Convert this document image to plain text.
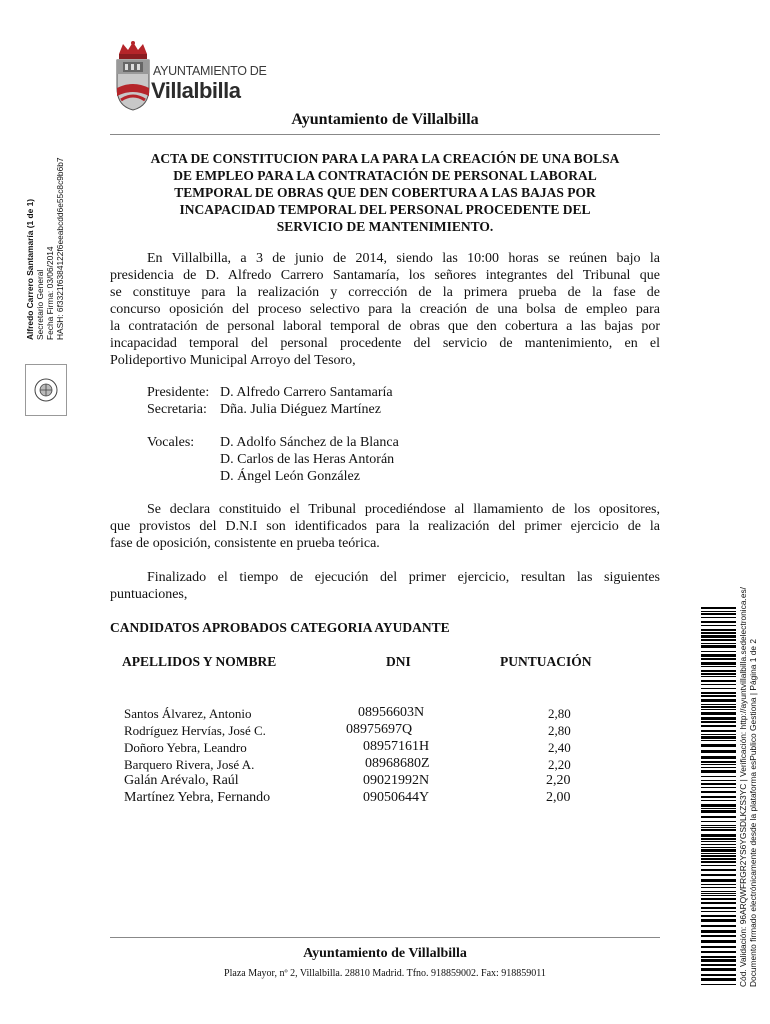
AYUNTAMIENTO DE
Villalbilla
Ayuntamiento de Villalbilla
ACTA DE CONSTITUCION PARA LA PARA LA CREACIÓN DE UNA BOLSA
DE EMPLEO PARA LA CONTRATACIÓN DE PERSONAL LABORAL
TEMPORAL DE OBRAS QUE DEN COBERTURA A LAS BAJAS POR
INCAPACIDAD TEMPORAL DEL PERSONAL PROCEDENTE DEL
SERVICIO DE MANTENIMIENTO.
En Villalbilla, a 3 de junio de 2014, siendo las 10:00 horas se reúnen bajo la
presidencia de D. Alfredo Carrero Santamaría, los señores integrantes del Tribunal que
se constituye para la realización y corrección de la primera prueba de la fase de
concurso oposición del proceso selectivo para la creación de una bolsa de empleo para
la contratación de personal laboral temporal de obras que den cobertura a las bajas por
incapacidad temporal del personal procedente del servicio de mantenimiento, en el
Polideportivo Municipal Arroyo del Tesoro,
Presidente: D. Alfredo Carrero Santamaría
Secretaria: Dña. Julia Diéguez Martínez
Vocales: D. Adolfo Sánchez de la Blanca
D. Carlos de las Heras Antorán
D. Ángel León González
Se declara constituido el Tribunal procediéndose al llamamiento de los opositores,
que provistos del D.N.I son identificados para la realización del primer ejercicio de la
fase de oposición, consistente en prueba teórica.
Finalizado el tiempo de ejecución del primer ejercicio, resultan las siguientes
puntuaciones,
CANDIDATOS APROBADOS CATEGORIA AYUDANTE
APELLIDOS Y NOMBRE	DNI	PUNTUACIÓN
Santos Álvarez, Antonio	08956603N	2,80
Rodríguez Hervías, José C.	08975697Q	2,80
Doñoro Yebra, Leandro	08957161H	2,40
Barquero Rivera, José A.	08968680Z	2,20
Galán Arévalo, Raúl	09021992N	2,20
Martínez Yebra, Fernando	09050644Y	2,00
Alfredo Carrero Santamaría (1 de 1) Secretario General Fecha Firma: 03/06/2014 HASH: 6f3321f6384122f6eeabcdd6e55c8c9b6b7
Cód. Validación: 96ARQWFRGR2YS6YGSDLKZS3YC | Verificación: http://ayuntvillalbilla.sedelectronica.es/ Documento firmado electrónicamente desde la plataforma esPublico Gestiona | Página 1 de 2
Ayuntamiento de Villalbilla
Plaza Mayor, nº 2, Villalbilla. 28810 Madrid. Tfno. 918859002. Fax: 918859011
